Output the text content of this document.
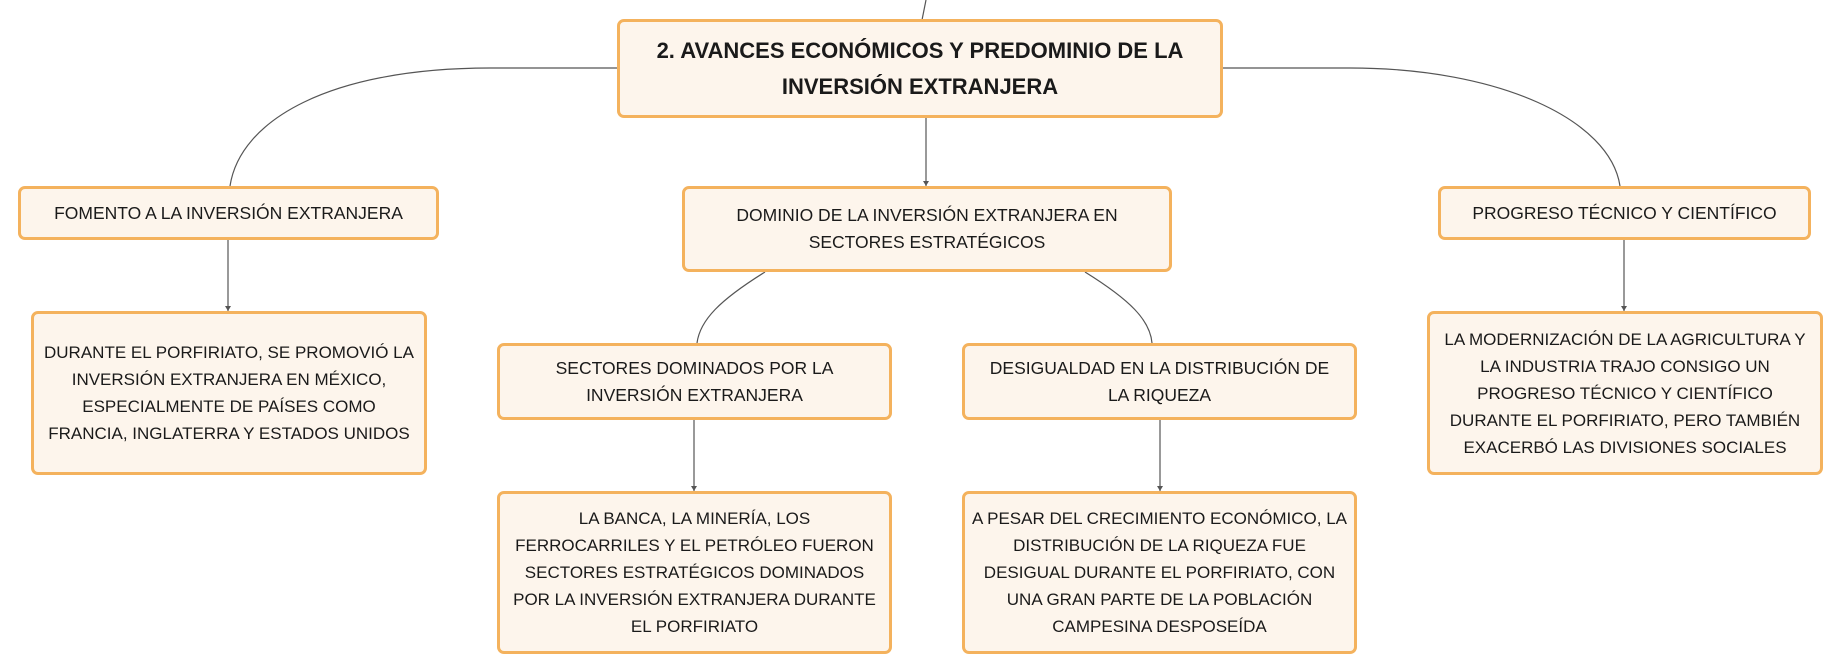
2. AVANCES ECONÓMICOS Y PREDOMINIO DE LA INVERSIÓN EXTRANJERA
FOMENTO A LA INVERSIÓN EXTRANJERA	DOMINIO DE LA INVERSIÓN EXTRANJERA EN SECTORES ESTRATÉGICOS
PROGRESO TÉCNICO Y CIENTÍFICO
DURANTE EL PORFIRIATO, SE PROMOVIÓ LA INVERSIÓN EXTRANJERA EN MÉXICO, ESPECIALMENTE DE PAÍSES COMO FRANCIA, INGLATERRA Y ESTADOS UNIDOS
SECTORES DOMINADOS POR LA INVERSIÓN EXTRANJERA
DESIGUALDAD EN LA DISTRIBUCIÓN DE LA RIQUEZA
LA MODERNIZACIÓN DE LA AGRICULTURA Y LA INDUSTRIA TRAJO CONSIGO UN PROGRESO TÉCNICO Y CIENTÍFICO DURANTE EL PORFIRIATO, PERO TAMBIÉN EXACERBÓ LAS DIVISIONES SOCIALES
LA BANCA, LA MINERÍA, LOS FERROCARRILES Y EL PETRÓLEO FUERON SECTORES ESTRATÉGICOS DOMINADOS POR LA INVERSIÓN EXTRANJERA DURANTE EL PORFIRIATO
A PESAR DEL CRECIMIENTO ECONÓMICO, LA DISTRIBUCIÓN DE LA RIQUEZA FUE DESIGUAL DURANTE EL PORFIRIATO, CON UNA GRAN PARTE DE LA POBLACIÓN CAMPESINA DESPOSEÍDA
